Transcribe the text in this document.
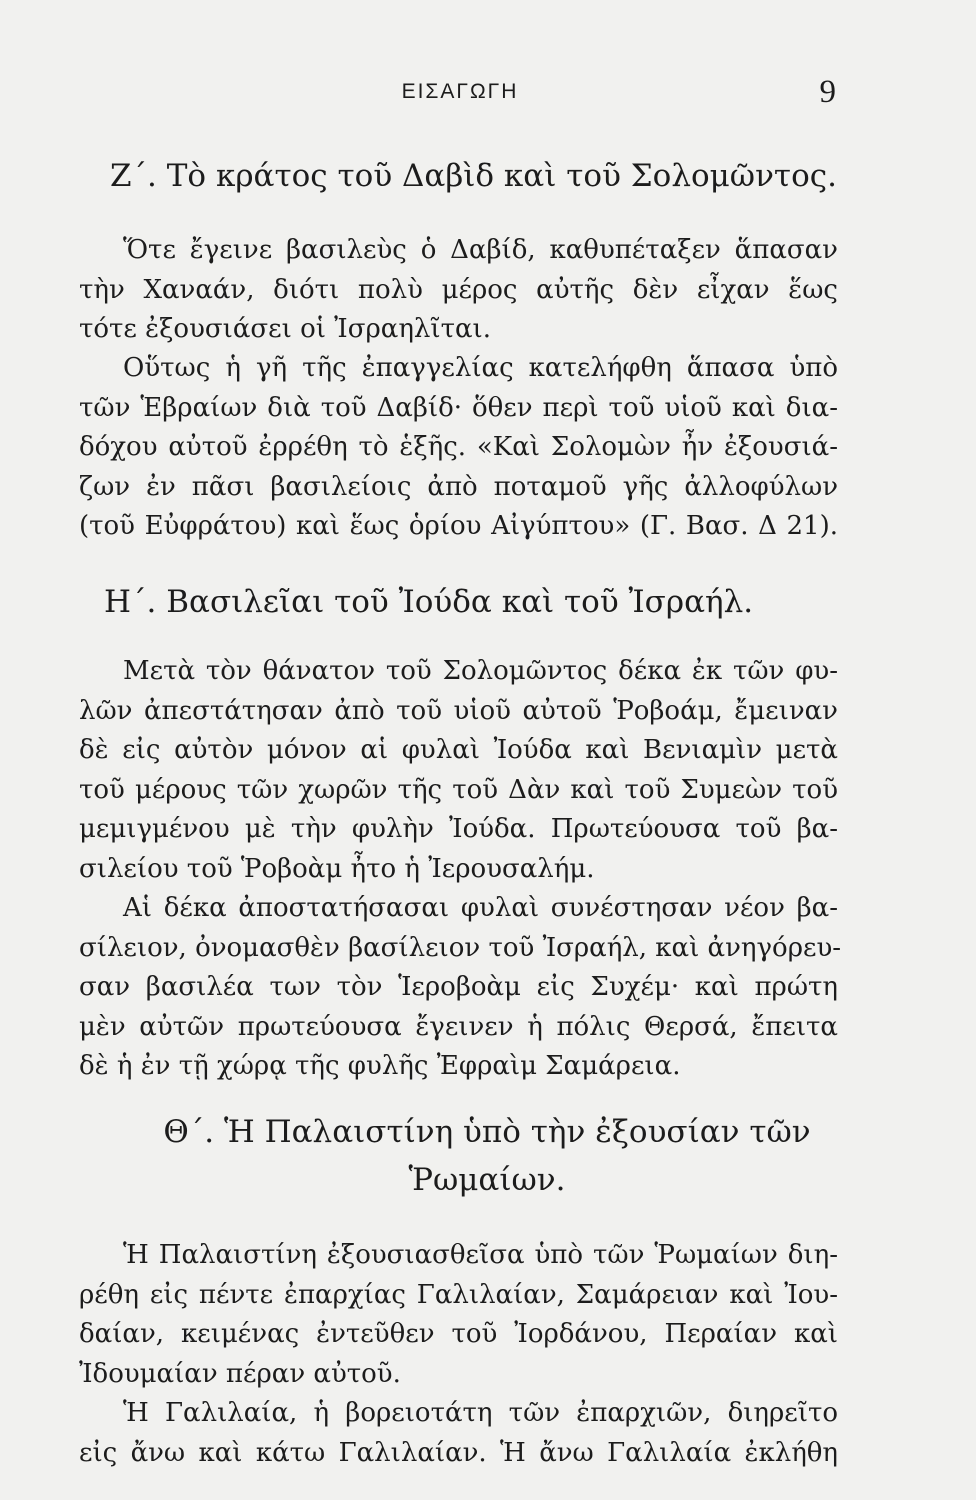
ΕΙΣΑΓΩΓΗ	9
Ζ΄. Τὸ κράτος τοῦ Δαβὶδ καὶ τοῦ Σολομῶντος.
Ὅτε ἔγεινε βασιλεὺς ὁ Δαβίδ, καθυπέταξεν ἅπασαν
τὴν Χαναάν, διότι πολὺ μέρος αὐτῆς δὲν εἶχαν ἕως
τότε ἐξουσιάσει οἱ Ἰσραηλῖται.
Οὕτως ἡ γῆ τῆς ἐπαγγελίας κατελήφθη ἅπασα ὑπὸ
τῶν Ἑβραίων διὰ τοῦ Δαβίδ· ὅθεν περὶ τοῦ υἱοῦ καὶ δια-
δόχου αὐτοῦ ἐρρέθη τὸ ἑξῆς. «Καὶ Σολομὼν ἦν ἐξουσιά-
ζων ἐν πᾶσι βασιλείοις ἀπὸ ποταμοῦ γῆς ἀλλοφύλων
(τοῦ Εὐφράτου) καὶ ἕως ὁρίου Αἰγύπτου» (Γ. Βασ. Δ 21).
Η΄. Βασιλεῖαι τοῦ Ἰούδα καὶ τοῦ Ἰσραήλ.
Μετὰ τὸν θάνατον τοῦ Σολομῶντος δέκα ἐκ τῶν φυ-
λῶν ἀπεστάτησαν ἀπὸ τοῦ υἱοῦ αὐτοῦ Ῥοβοάμ, ἔμειναν
δὲ εἰς αὐτὸν μόνον αἱ φυλαὶ Ἰούδα καὶ Βενιαμὶν μετὰ
τοῦ μέρους τῶν χωρῶν τῆς τοῦ Δὰν καὶ τοῦ Συμεὼν τοῦ
μεμιγμένου μὲ τὴν φυλὴν Ἰούδα. Πρωτεύουσα τοῦ βα-
σιλείου τοῦ Ῥοβοὰμ ἦτο ἡ Ἰερουσαλήμ.
Αἱ δέκα ἀποστατήσασαι φυλαὶ συνέστησαν νέον βα-
σίλειον, ὀνομασθὲν βασίλειον τοῦ Ἰσραήλ, καὶ ἀνηγόρευ-
σαν βασιλέα των τὸν Ἱεροβοὰμ εἰς Συχέμ· καὶ πρώτη
μὲν αὐτῶν πρωτεύουσα ἔγεινεν ἡ πόλις Θερσά, ἔπειτα
δὲ ἡ ἐν τῇ χώρᾳ τῆς φυλῆς Ἐφραὶμ Σαμάρεια.
Θ΄. Ἡ Παλαιστίνη ὑπὸ τὴν ἐξουσίαν τῶν
Ῥωμαίων.
Ἡ Παλαιστίνη ἐξουσιασθεῖσα ὑπὸ τῶν Ῥωμαίων διη-
ρέθη εἰς πέντε ἐπαρχίας Γαλιλαίαν, Σαμάρειαν καὶ Ἰου-
δαίαν, κειμένας ἐντεῦθεν τοῦ Ἰορδάνου, Περαίαν καὶ
Ἰδουμαίαν πέραν αὐτοῦ.
Ἡ Γαλιλαία, ἡ βορειοτάτη τῶν ἐπαρχιῶν, διηρεῖτο
εἰς ἄνω καὶ κάτω Γαλιλαίαν. Ἡ ἄνω Γαλιλαία ἐκλήθη
